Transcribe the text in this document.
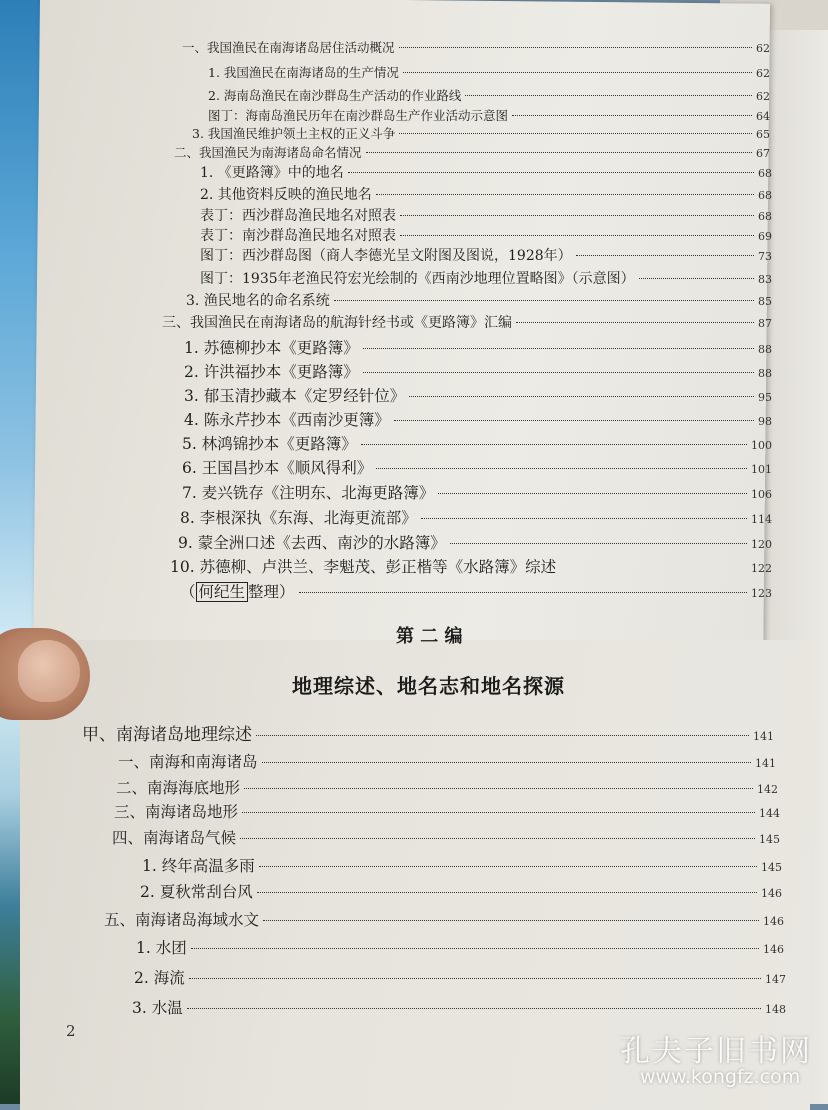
一、我国渔民在南海诸岛居住活动概况	62
1. 我国渔民在南海诸岛的生产情况	62
2. 海南岛渔民在南沙群岛生产活动的作业路线	62
图丁：海南岛渔民历年在南沙群岛生产作业活动示意图	64
3. 我国渔民维护领土主权的正义斗争	65
二、我国渔民为南海诸岛命名情况	67
1. 《更路簿》中的地名	68
2. 其他资料反映的渔民地名	68
表丁：西沙群岛渔民地名对照表	68
表丁：南沙群岛渔民地名对照表	69
图丁：西沙群岛图（商人李德光呈文附图及图说，1928年）	73
图丁：1935年老渔民符宏光绘制的《西南沙地理位置略图》（示意图）	83
3. 渔民地名的命名系统	85
三、我国渔民在南海诸岛的航海针经书或《更路簿》汇编	87
1. 苏德柳抄本《更路簿》	88
2. 许洪福抄本《更路簿》	88
3. 郁玉清抄藏本《定罗经针位》	95
4. 陈永芹抄本《西南沙更簿》	98
5. 林鸿锦抄本《更路簿》	100
6. 王国昌抄本《顺风得利》	101
7. 麦兴铣存《注明东、北海更路簿》	106
8. 李根深执《东海、北海更流部》	114
9. 蒙全洲口述《去西、南沙的水路簿》	120
10. 苏德柳、卢洪兰、李魁茂、彭正楷等《水路簿》综述	122
（ 何纪生 整理）	123
第 二 编
地理综述、地名志和地名探源
甲、南海诸岛地理综述	141
一、南海和南海诸岛	141
二、南海海底地形	142
三、南海诸岛地形	144
四、南海诸岛气候	145
1. 终年高温多雨	145
2. 夏秋常刮台风	146
五、南海诸岛海域水文	146
1. 水团	146
2. 海流	147
3. 水温	148
2
孔夫子旧书网
www.kongfz.com
